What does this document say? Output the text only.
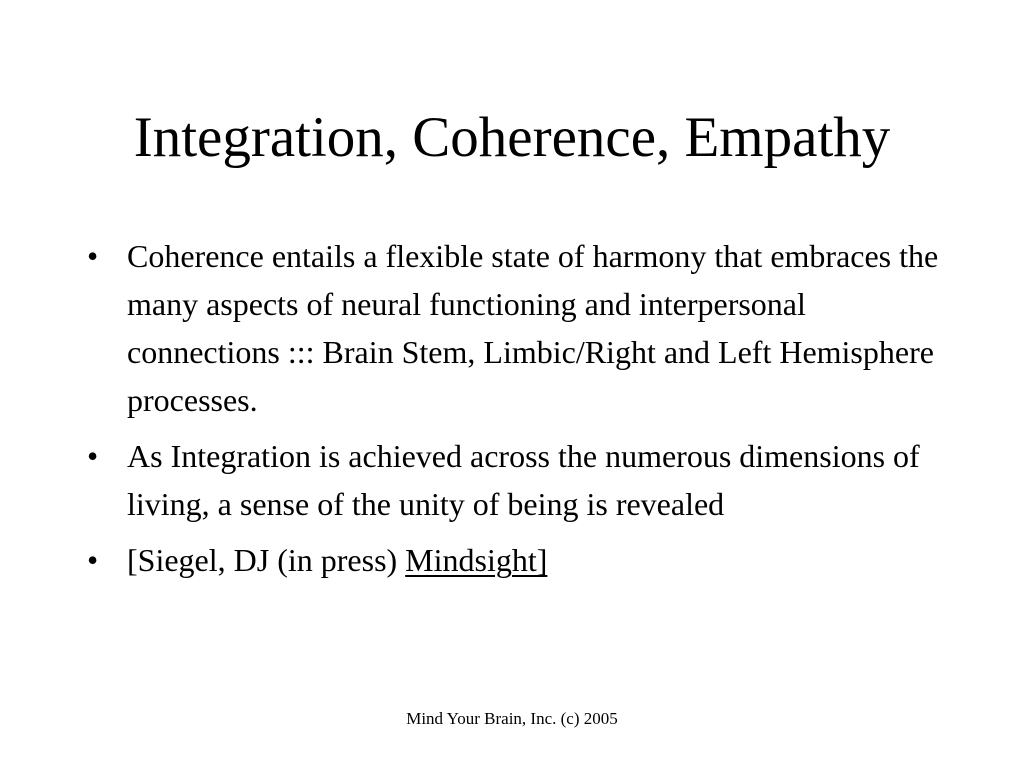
Integration, Coherence, Empathy
• Coherence entails a flexible state of harmony that embraces the many aspects of neural functioning and interpersonal connections ::: Brain Stem, Limbic/Right and Left Hemisphere processes.
• As Integration is achieved across the numerous dimensions of living, a sense of the unity of being is revealed
• [Siegel, DJ (in press) Mindsight]
Mind Your Brain, Inc. (c) 2005
